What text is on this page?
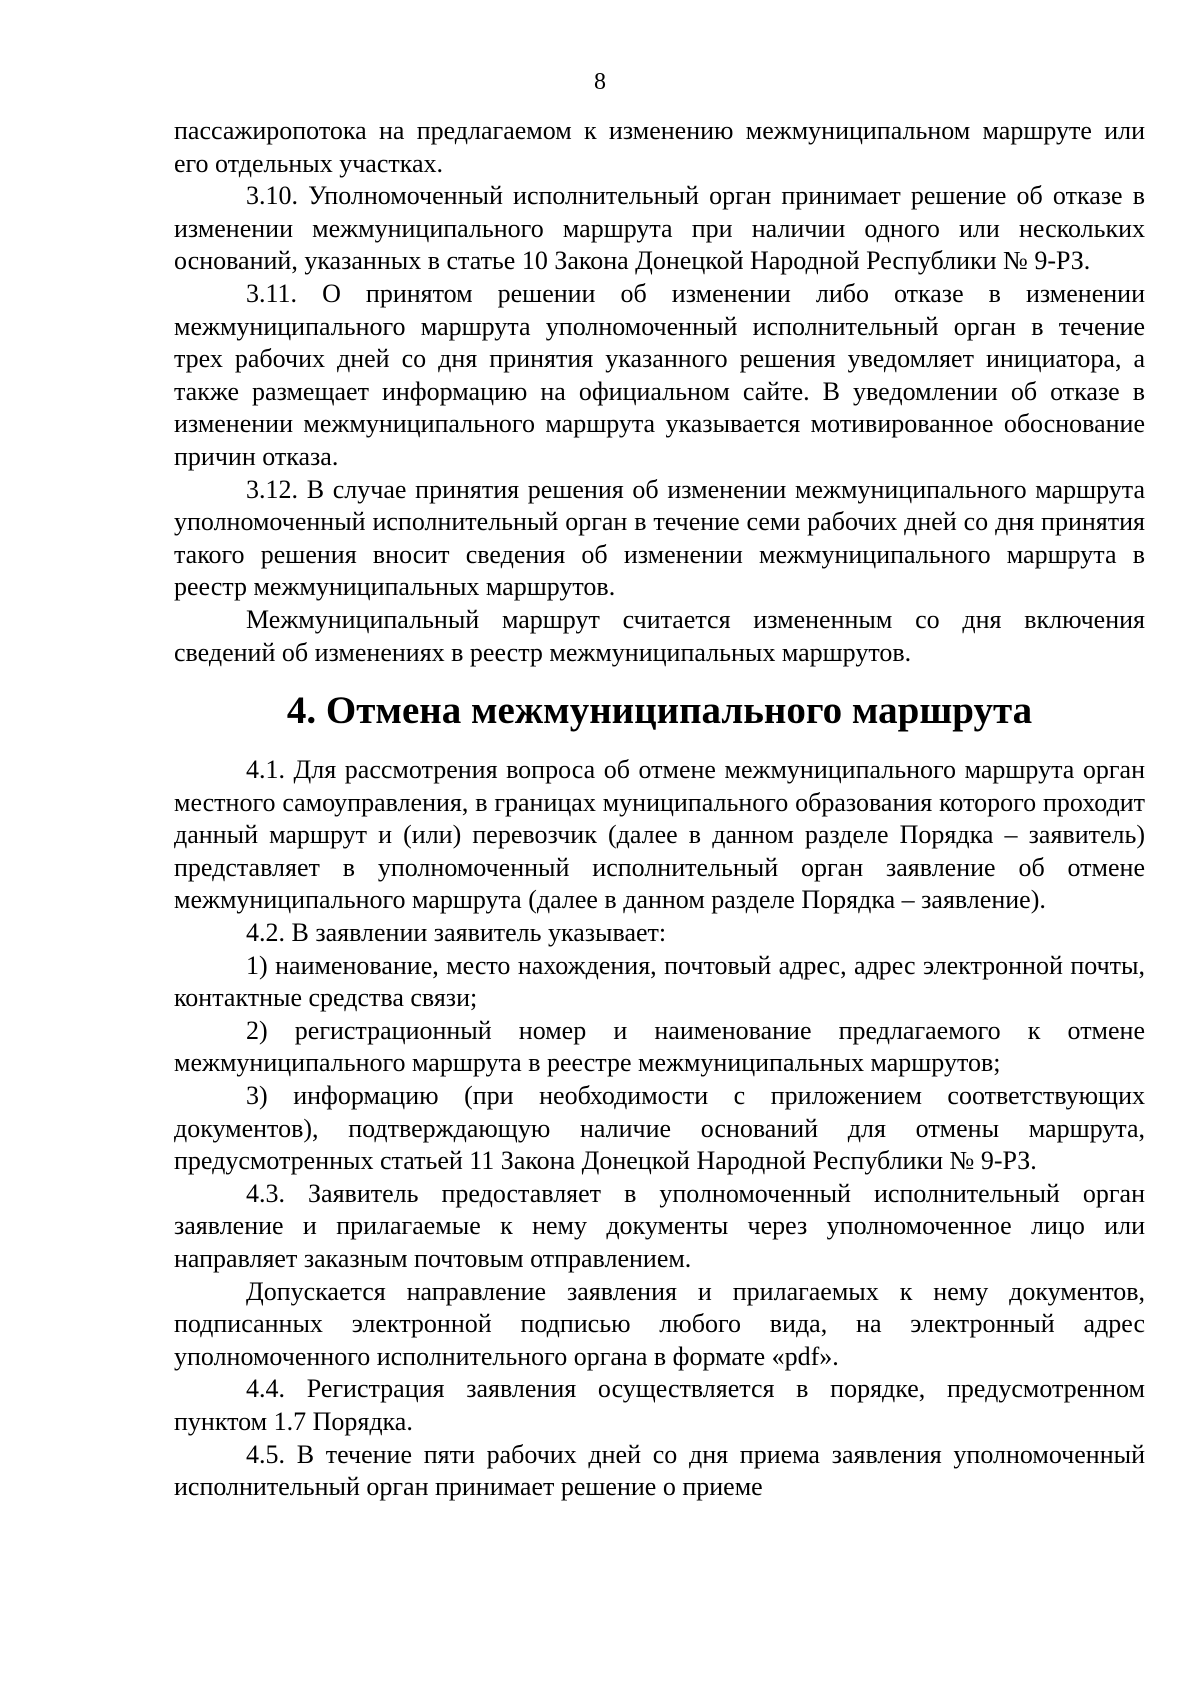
8

пассажиропотока на предлагаемом к изменению межмуниципальном маршруте или его отдельных участках.

3.10. Уполномоченный исполнительный орган принимает решение об отказе в изменении межмуниципального маршрута при наличии одного или нескольких оснований, указанных в статье 10 Закона Донецкой Народной Республики № 9-РЗ.

3.11. О принятом решении об изменении либо отказе в изменении межмуниципального маршрута уполномоченный исполнительный орган в течение трех рабочих дней со дня принятия указанного решения уведомляет инициатора, а также размещает информацию на официальном сайте. В уведомлении об отказе в изменении межмуниципального маршрута указывается мотивированное обоснование причин отказа.

3.12. В случае принятия решения об изменении межмуниципального маршрута уполномоченный исполнительный орган в течение семи рабочих дней со дня принятия такого решения вносит сведения об изменении межмуниципального маршрута в реестр межмуниципальных маршрутов.

Межмуниципальный маршрут считается измененным со дня включения сведений об изменениях в реестр межмуниципальных маршрутов.

4. Отмена межмуниципального маршрута

4.1. Для рассмотрения вопроса об отмене межмуниципального маршрута орган местного самоуправления, в границах муниципального образования которого проходит данный маршрут и (или) перевозчик (далее в данном разделе Порядка – заявитель) представляет в уполномоченный исполнительный орган заявление об отмене межмуниципального маршрута (далее в данном разделе Порядка – заявление).

4.2. В заявлении заявитель указывает:

1) наименование, место нахождения, почтовый адрес, адрес электронной почты, контактные средства связи;

2) регистрационный номер и наименование предлагаемого к отмене межмуниципального маршрута в реестре межмуниципальных маршрутов;

3) информацию (при необходимости с приложением соответствующих документов), подтверждающую наличие оснований для отмены маршрута, предусмотренных статьей 11 Закона Донецкой Народной Республики № 9-РЗ.

4.3. Заявитель предоставляет в уполномоченный исполнительный орган заявление и прилагаемые к нему документы через уполномоченное лицо или направляет заказным почтовым отправлением.

Допускается направление заявления и прилагаемых к нему документов, подписанных электронной подписью любого вида, на электронный адрес уполномоченного исполнительного органа в формате «pdf».

4.4. Регистрация заявления осуществляется в порядке, предусмотренном пунктом 1.7 Порядка.

4.5. В течение пяти рабочих дней со дня приема заявления уполномоченный исполнительный орган принимает решение о приеме
